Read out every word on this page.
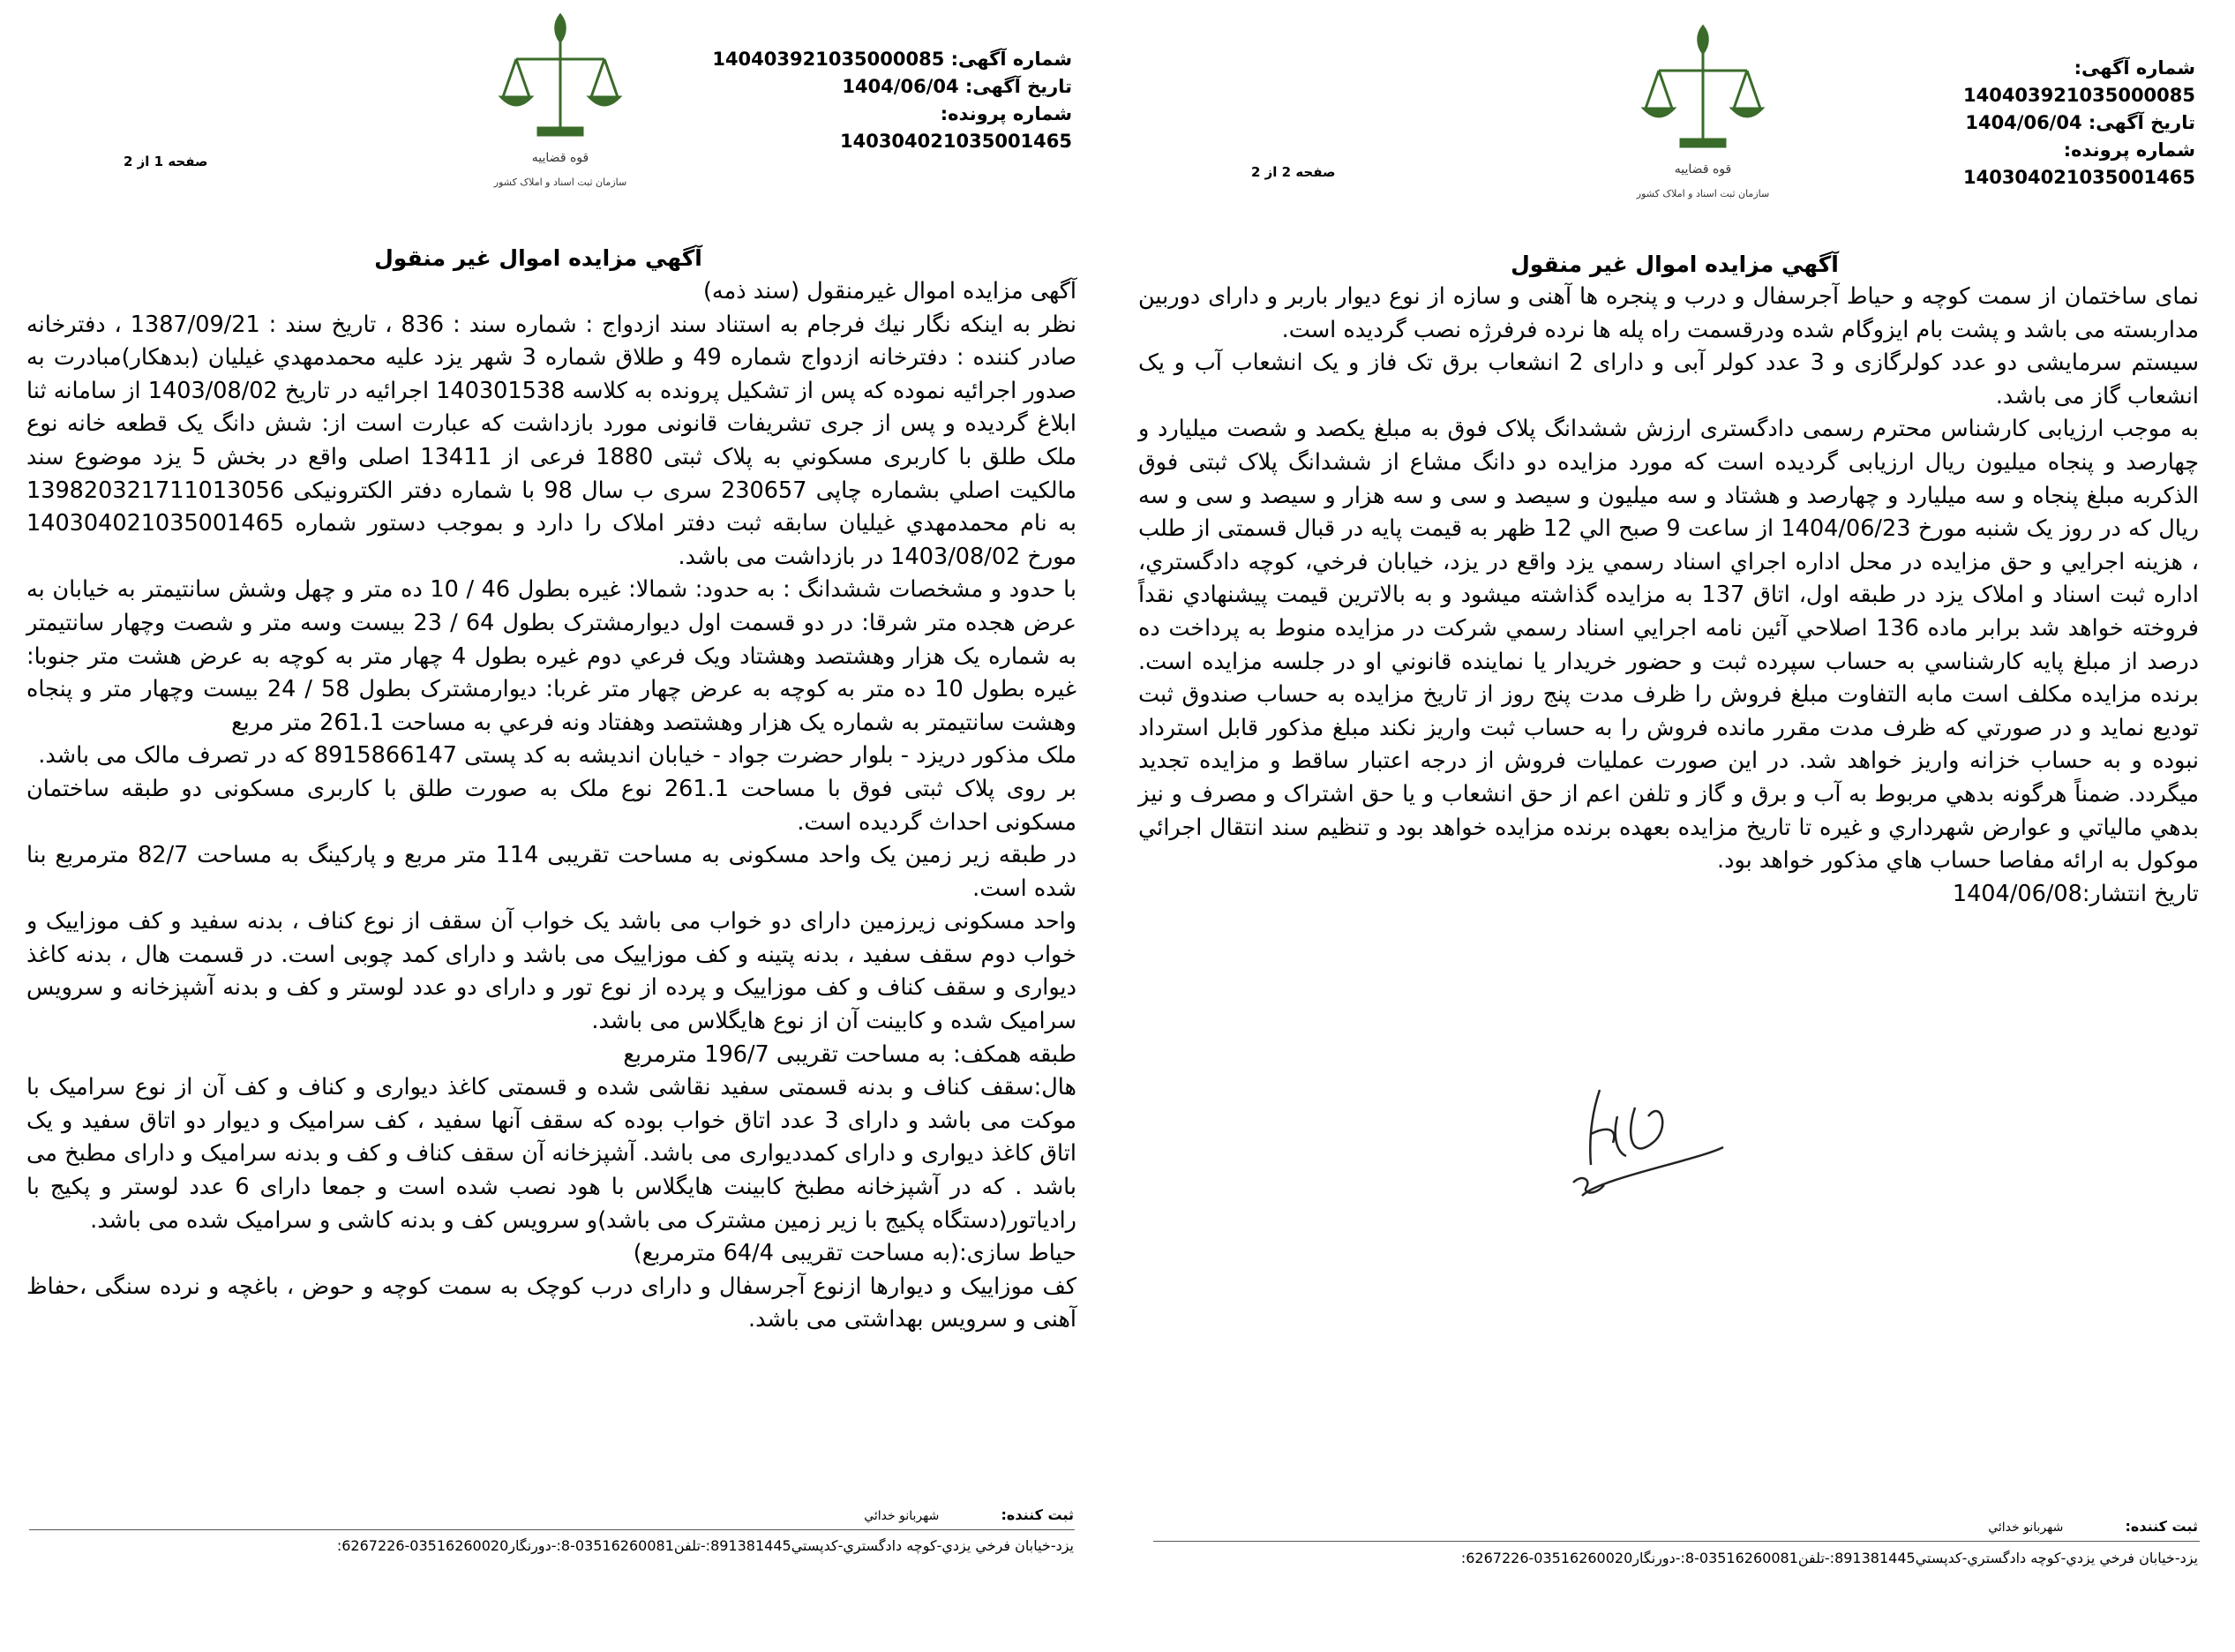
شماره آگهی: 140403921035000085
تاریخ آگهی: 1404/06/04
شماره پرونده: 140304021035001465
قوه قضاییه
سازمان ثبت اسناد و املاک کشور
صفحه 1 از 2
آگهي مزایده اموال غیر منقول

آگهی مزایده اموال غیرمنقول (سند ذمه)

نظر به اینکه نگار نیك فرجام به استناد سند ازدواج : شماره سند : 836 ، تاریخ سند : 1387/09/21 ، دفترخانه صادر کننده : دفترخانه ازدواج شماره 49 و طلاق شماره 3 شهر یزد علیه محمدمهدي غیلیان (بدهکار)مبادرت به صدور اجرائیه نموده که پس از تشکیل پرونده به کلاسه 140301538 اجرائیه در تاریخ 1403/08/02 از سامانه ثنا ابلاغ گردیده و پس از جری تشریفات قانونی مورد بازداشت که عبارت است از: شش دانگ یک قطعه خانه نوع ملک طلق با کاربری مسکوني به پلاک ثبتی 1880 فرعی از 13411 اصلی واقع در بخش 5 یزد موضوع سند مالکیت اصلي بشماره چاپی 230657 سری ب سال 98 با شماره دفتر الکترونیکی 139820321711013056 به نام محمدمهدي غیلیان سابقه ثبت دفتر املاک را دارد و بموجب دستور شماره 140304021035001465 مورخ 1403/08/02 در بازداشت می باشد.

با حدود و مشخصات ششدانگ : به حدود: شمالا: غیره بطول 46 / 10 ده متر و چهل وشش سانتیمتر به خیابان به عرض هجده متر شرقا: در دو قسمت اول دیوارمشترک بطول 64 / 23 بیست وسه متر و شصت وچهار سانتیمتر به شماره یک هزار وهشتصد وهشتاد ویک فرعي دوم غیره بطول 4 چهار متر به کوچه به عرض هشت متر جنوبا: غیره بطول 10 ده متر به کوچه به عرض چهار متر غربا: دیوارمشترک بطول 58 / 24 بیست وچهار متر و پنجاه وهشت سانتیمتر به شماره یک هزار وهشتصد وهفتاد ونه فرعي به مساحت 261.1 متر مربع

ملک مذکور دریزد - بلوار حضرت جواد - خیابان اندیشه به کد پستی 8915866147 که در تصرف مالک می باشد.

بر روی پلاک ثبتی فوق با مساحت 261.1 نوع ملک به صورت طلق با کاربری مسکونی دو طبقه ساختمان مسکونی احداث گردیده است.

در طبقه زیر زمین یک واحد مسکونی به مساحت تقریبی 114 متر مربع و پارکینگ به مساحت 82/7 مترمربع بنا شده است.

واحد مسکونی زیرزمین دارای دو خواب می باشد یک خواب آن سقف از نوع کناف ، بدنه سفید و کف موزاییک و خواب دوم سقف سفید ، بدنه پتینه و کف موزاییک می باشد و دارای کمد چوبی است. در قسمت هال ، بدنه کاغذ دیواری و سقف کناف و کف موزاییک و پرده از نوع تور و دارای دو عدد لوستر و کف و بدنه آشپزخانه و سرویس سرامیک شده و کابینت آن از نوع هایگلاس می باشد.

طبقه همکف: به مساحت تقریبی 196/7 مترمربع

هال:سقف کناف و بدنه قسمتی سفید نقاشی شده و قسمتی کاغذ دیواری و کناف و کف آن از نوع سرامیک با موکت می باشد و دارای 3 عدد اتاق خواب بوده که سقف آنها سفید ، کف سرامیک و دیوار دو اتاق سفید و یک اتاق کاغذ دیواری و دارای کمددیواری می باشد. آشپزخانه آن سقف کناف و کف و بدنه سرامیک و دارای مطبخ می باشد . که در آشپزخانه مطبخ کابینت هایگلاس با هود نصب شده است و جمعا دارای 6 عدد لوستر و پکیج با رادیاتور(دستگاه پکیج با زیر زمین مشترک می باشد)و سرویس کف و بدنه کاشی و سرامیک شده می باشد.

حیاط سازی:(به مساحت تقریبی 64/4 مترمربع)

کف موزاییک و دیوارها ازنوع آجرسفال و دارای درب کوچک به سمت کوچه و حوض ، باغچه و نرده سنگی ،حفاظ آهنی و سرویس بهداشتی می باشد.

ثبت کننده:  شهربانو خدائي
یزد-خیابان فرخي یزدي-کوچه دادگستري-کدپستي891381445:-تلفن03516260081-8:-دورنگار03516260020-6267226:
شماره آگهی: 140403921035000085
تاریخ آگهی: 1404/06/04
شماره پرونده: 140304021035001465
قوه قضاییه
سازمان ثبت اسناد و املاک کشور
صفحه 2 از 2
آگهي مزایده اموال غیر منقول

نمای ساختمان از سمت کوچه و حیاط آجرسفال و درب و پنجره ها آهنی و سازه از نوع دیوار باربر و دارای دوربین مداربسته می باشد و پشت بام ایزوگام شده ودرقسمت راه پله ها نرده فرفرژه نصب گردیده است.

سیستم سرمایشی دو عدد کولرگازی و 3 عدد کولر آبی و دارای 2 انشعاب برق تک فاز و یک انشعاب آب و یک انشعاب گاز می باشد.

به موجب ارزیابی کارشناس محترم رسمی دادگستری ارزش ششدانگ پلاک فوق به مبلغ یکصد و شصت میلیارد و چهارصد و پنجاه میلیون ریال ارزیابی گردیده است که مورد مزایده دو دانگ مشاع از ششدانگ پلاک ثبتی فوق الذکربه مبلغ پنجاه و سه میلیارد و چهارصد و هشتاد و سه میلیون و سیصد و سی و سه هزار و سیصد و سی و سه ریال که در روز یک شنبه مورخ 1404/06/23 از ساعت 9 صبح الي 12 ظهر به قیمت پایه در قبال قسمتی از طلب ، هزینه اجرایي و حق مزایده در محل اداره اجراي اسناد رسمي یزد واقع در یزد، خیابان فرخي، کوچه دادگستري، اداره ثبت اسناد و املاک یزد در طبقه اول، اتاق 137 به مزایده گذاشته میشود و به بالاترین قیمت پیشنهادي نقداً فروخته خواهد شد برابر ماده 136 اصلاحي آئین نامه اجرایي اسناد رسمي شرکت در مزایده منوط به پرداخت ده درصد از مبلغ پایه کارشناسي به حساب سپرده ثبت و حضور خریدار یا نماینده قانوني او در جلسه مزایده است. برنده مزایده مکلف است مابه التفاوت مبلغ فروش را ظرف مدت پنج روز از تاریخ مزایده به حساب صندوق ثبت تودیع نماید و در صورتي که ظرف مدت مقرر مانده فروش را به حساب ثبت واریز نکند مبلغ مذکور قابل استرداد نبوده و به حساب خزانه واریز خواهد شد. در این صورت عملیات فروش از درجه اعتبار ساقط و مزایده تجدید میگردد. ضمناً هرگونه بدهي مربوط به آب و برق و گاز و تلفن اعم از حق انشعاب و یا حق اشتراک و مصرف و نیز بدهي مالیاتي و عوارض شهرداري و غیره تا تاریخ مزایده بعهده برنده مزایده خواهد بود و تنظیم سند انتقال اجرائي موکول به ارائه مفاصا حساب هاي مذکور خواهد بود.

تاریخ انتشار:1404/06/08

ثبت کننده:  شهربانو خدائي
یزد-خیابان فرخي یزدي-کوچه دادگستري-کدپستي891381445:-تلفن03516260081-8:-دورنگار03516260020-6267226:
